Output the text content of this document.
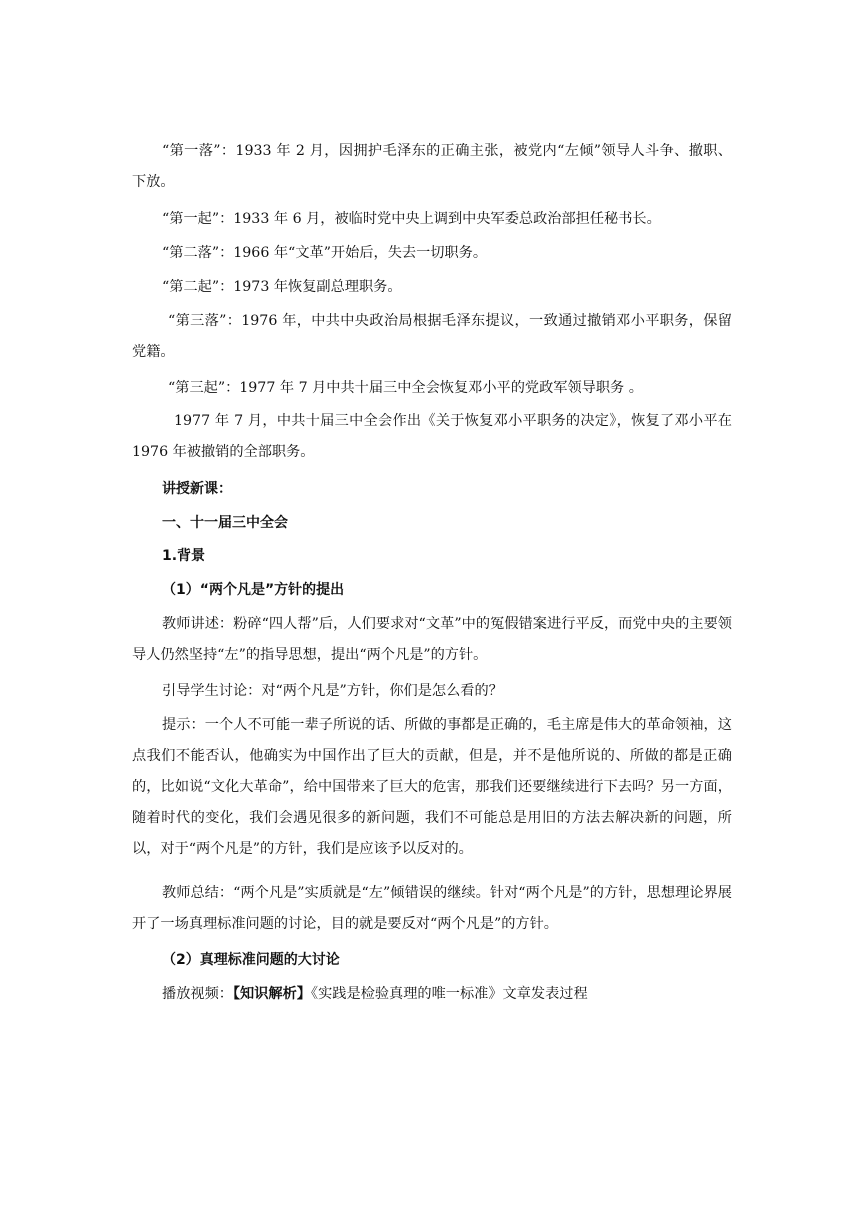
“第一落”：1933 年 2 月，因拥护毛泽东的正确主张，被党内“左倾”领导人斗争、撤职、下放。
“第一起”：1933 年 6 月，被临时党中央上调到中央军委总政治部担任秘书长。
“第二落”：1966 年“文革”开始后，失去一切职务。
“第二起”：1973 年恢复副总理职务。
“第三落”：1976 年，中共中央政治局根据毛泽东提议，一致通过撤销邓小平职务，保留党籍。
“第三起”：1977 年 7 月中共十届三中全会恢复邓小平的党政军领导职务 。
1977 年 7 月，中共十届三中全会作出《关于恢复邓小平职务的决定》，恢复了邓小平在 1976 年被撤销的全部职务。
讲授新课：
一、十一届三中全会
1.背景
（1）“两个凡是”方针的提出
教师讲述：粉碎“四人帮”后，人们要求对“文革”中的冤假错案进行平反，而党中央的主要领导人仍然坚持“左”的指导思想，提出“两个凡是”的方针。
引导学生讨论：对“两个凡是”方针，你们是怎么看的？
提示：一个人不可能一辈子所说的话、所做的事都是正确的，毛主席是伟大的革命领袖，这点我们不能否认，他确实为中国作出了巨大的贡献，但是，并不是他所说的、所做的都是正确的，比如说“文化大革命”，给中国带来了巨大的危害，那我们还要继续进行下去吗？另一方面，随着时代的变化，我们会遇见很多的新问题，我们不可能总是用旧的方法去解决新的问题，所以，对于“两个凡是”的方针，我们是应该予以反对的。
教师总结：“两个凡是”实质就是“左”倾错误的继续。针对“两个凡是”的方针，思想理论界展开了一场真理标准问题的讨论，目的就是要反对“两个凡是”的方针。
（2）真理标准问题的大讨论
播放视频：【知识解析】《实践是检验真理的唯一标准》文章发表过程
